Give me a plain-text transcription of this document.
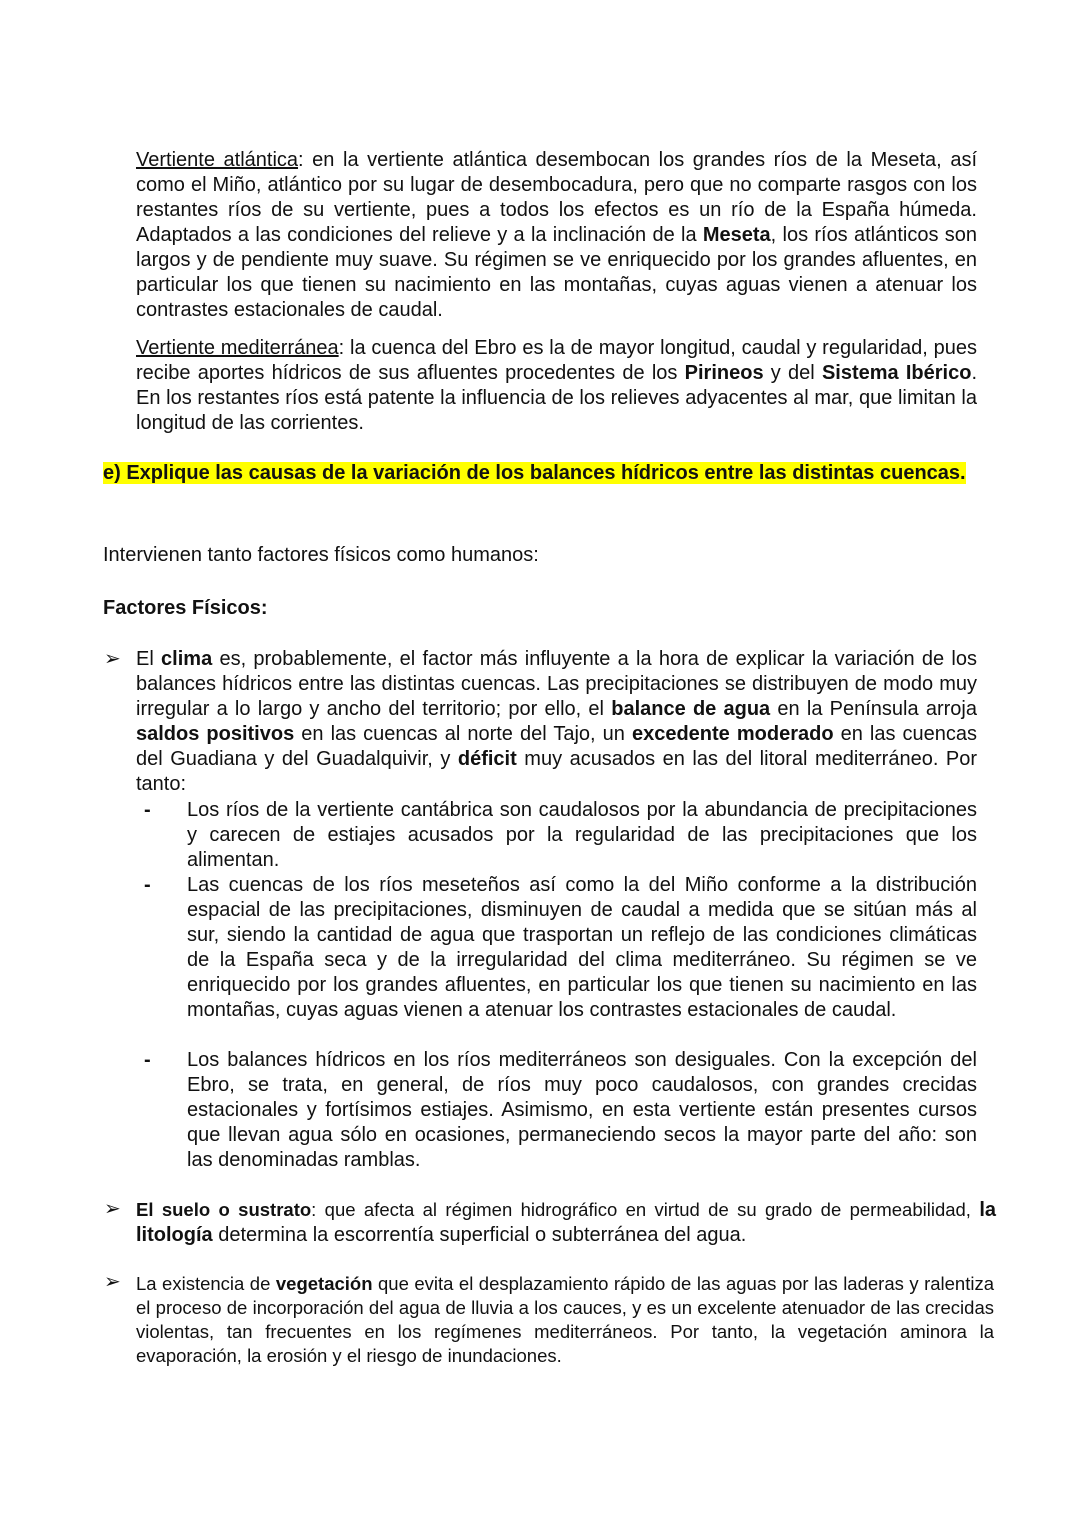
Vertiente atlántica: en la vertiente atlántica desembocan los grandes ríos de la Meseta, así como el Miño, atlántico por su lugar de desembocadura, pero que no comparte rasgos con los restantes ríos de su vertiente, pues a todos los efectos es un río de la España húmeda. Adaptados a las condiciones del relieve y a la inclinación de la Meseta, los ríos atlánticos son largos y de pendiente muy suave. Su régimen se ve enriquecido por los grandes afluentes, en particular los que tienen su nacimiento en las montañas, cuyas aguas vienen a atenuar los contrastes estacionales de caudal.
Vertiente mediterránea: la cuenca del Ebro es la de mayor longitud, caudal y regularidad, pues recibe aportes hídricos de sus afluentes procedentes de los Pirineos y del Sistema Ibérico. En los restantes ríos está patente la influencia de los relieves adyacentes al mar, que limitan la longitud de las corrientes.
e) Explique las causas de la variación de los balances hídricos entre las distintas cuencas.
Intervienen tanto factores físicos como humanos:
Factores Físicos:
➢ El clima es, probablemente, el factor más influyente a la hora de explicar la variación de los balances hídricos entre las distintas cuencas. Las precipitaciones se distribuyen de modo muy irregular a lo largo y ancho del territorio; por ello, el balance de agua en la Península arroja saldos positivos en las cuencas al norte del Tajo, un excedente moderado en las cuencas del Guadiana y del Guadalquivir, y déficit muy acusados en las del litoral mediterráneo. Por tanto:
- Los ríos de la vertiente cantábrica son caudalosos por la abundancia de precipitaciones y carecen de estiajes acusados por la regularidad de las precipitaciones que los alimentan.
- Las cuencas de los ríos meseteños así como la del Miño conforme a la distribución espacial de las precipitaciones, disminuyen de caudal a medida que se sitúan más al sur, siendo la cantidad de agua que trasportan un reflejo de las condiciones climáticas de la España seca y de la irregularidad del clima mediterráneo. Su régimen se ve enriquecido por los grandes afluentes, en particular los que tienen su nacimiento en las montañas, cuyas aguas vienen a atenuar los contrastes estacionales de caudal.
- Los balances hídricos en los ríos mediterráneos son desiguales. Con la excepción del Ebro, se trata, en general, de ríos muy poco caudalosos, con grandes crecidas estacionales y fortísimos estiajes. Asimismo, en esta vertiente están presentes cursos que llevan agua sólo en ocasiones, permaneciendo secos la mayor parte del año: son las denominadas ramblas.
➢ El suelo o sustrato: que afecta al régimen hidrográfico en virtud de su grado de permeabilidad, la litología determina la escorrentía superficial o subterránea del agua.
➢ La existencia de vegetación que evita el desplazamiento rápido de las aguas por las laderas y ralentiza el proceso de incorporación del agua de lluvia a los cauces, y es un excelente atenuador de las crecidas violentas, tan frecuentes en los regímenes mediterráneos. Por tanto, la vegetación aminora la evaporación, la erosión y el riesgo de inundaciones.
